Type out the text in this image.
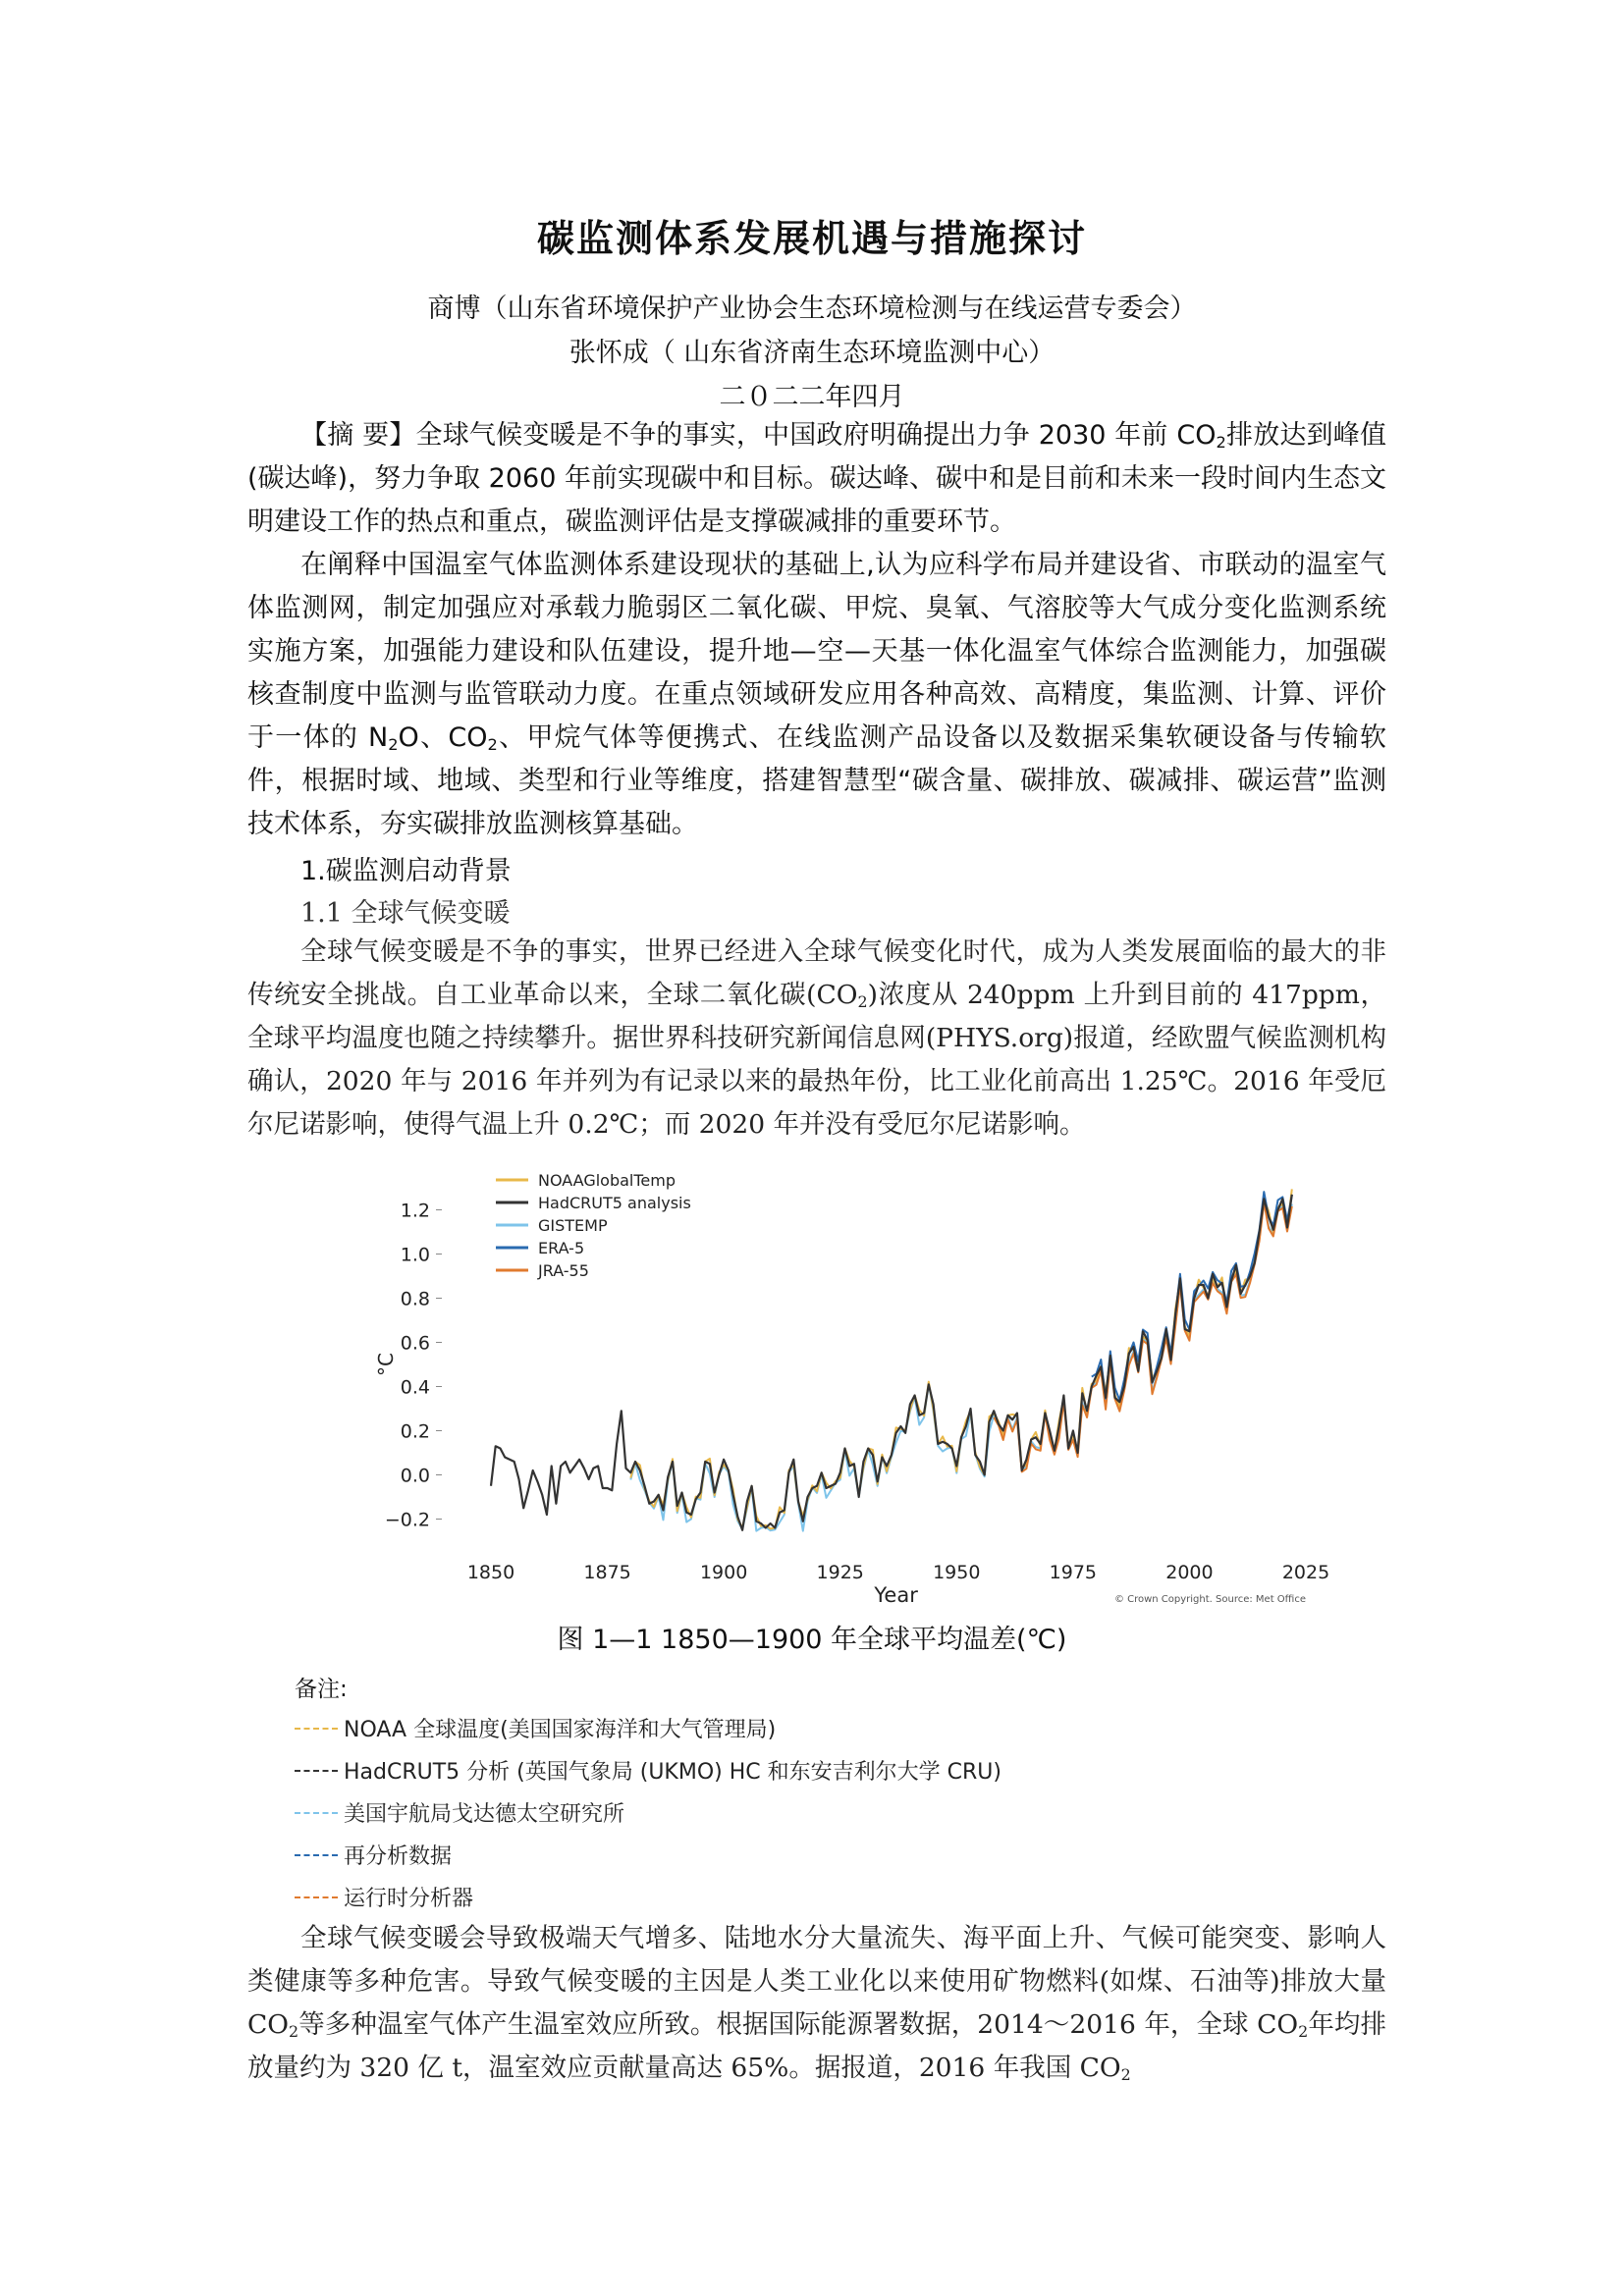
碳监测体系发展机遇与措施探讨
商博（山东省环境保护产业协会生态环境检测与在线运营专委会）
张怀成（ 山东省济南生态环境监测中心）
二０二二年四月
【摘 要】全球气候变暖是不争的事实，中国政府明确提出力争 2030 年前 $CO_2$排放达到峰值(碳达峰)，努力争取 2060 年前实现碳中和目标。碳达峰、碳中和是目前和未来一段时间内生态文明建设工作的热点和重点，碳监测评估是支撑碳减排的重要环节。
在阐释中国温室气体监测体系建设现状的基础上,认为应科学布局并建设省、市联动的温室气体监测网，制定加强应对承载力脆弱区二氧化碳、甲烷、臭氧、气溶胶等大气成分变化监测系统实施方案，加强能力建设和队伍建设，提升地—空—天基一体化温室气体综合监测能力，加强碳核查制度中监测与监管联动力度。在重点领域研发应用各种高效、高精度，集监测、计算、评价于一体的 $N_2O$、$CO_2$、甲烷气体等便携式、在线监测产品设备以及数据采集软硬设备与传输软件，根据时域、地域、类型和行业等维度，搭建智慧型“碳含量、碳排放、碳减排、碳运营”监测技术体系，夯实碳排放监测核算基础。
1.碳监测启动背景
1.1 全球气候变暖
全球气候变暖是不争的事实，世界已经进入全球气候变化时代，成为人类发展面临的最大的非传统安全挑战。自工业革命以来，全球二氧化碳$(CO_2)$浓度从 240ppm 上升到目前的 417ppm，全球平均温度也随之持续攀升。据世界科技研究新闻信息网(PHYS.org)报道，经欧盟气候监测机构确认，2020 年与 2016 年并列为有记录以来的最热年份，比工业化前高出 1.25℃。2016 年受厄尔尼诺影响，使得气温上升 0.2℃；而 2020 年并没有受厄尔尼诺影响。
−0.2
0.0
0.2
0.4
0.6
0.8
1.0
1.2
1850	1875	1900	1925	1950	1975	2000	2025
°C
Year	© Crown Copyright. Source: Met Office
NOAAGlobalTemp
HadCRUT5 analysis
GISTEMP
ERA-5
JRA-55
图 1—1 1850—1900 年全球平均温差(℃)
备注:
NOAA 全球温度(美国国家海洋和大气管理局)
HadCRUT5 分析 (英国气象局 (UKMO) HC 和东安吉利尔大学 CRU)
美国宇航局戈达德太空研究所
再分析数据
运行时分析器
全球气候变暖会导致极端天气增多、陆地水分大量流失、海平面上升、气候可能突变、影响人类健康等多种危害。导致气候变暖的主因是人类工业化以来使用矿物燃料(如煤、石油等)排放大量 $CO_2$等多种温室气体产生温室效应所致。根据国际能源署数据，2014～2016 年，全球 $CO_2$年均排放量约为 320 亿 t，温室效应贡献量高达 65%。据报道，2016 年我国 $CO_2$
